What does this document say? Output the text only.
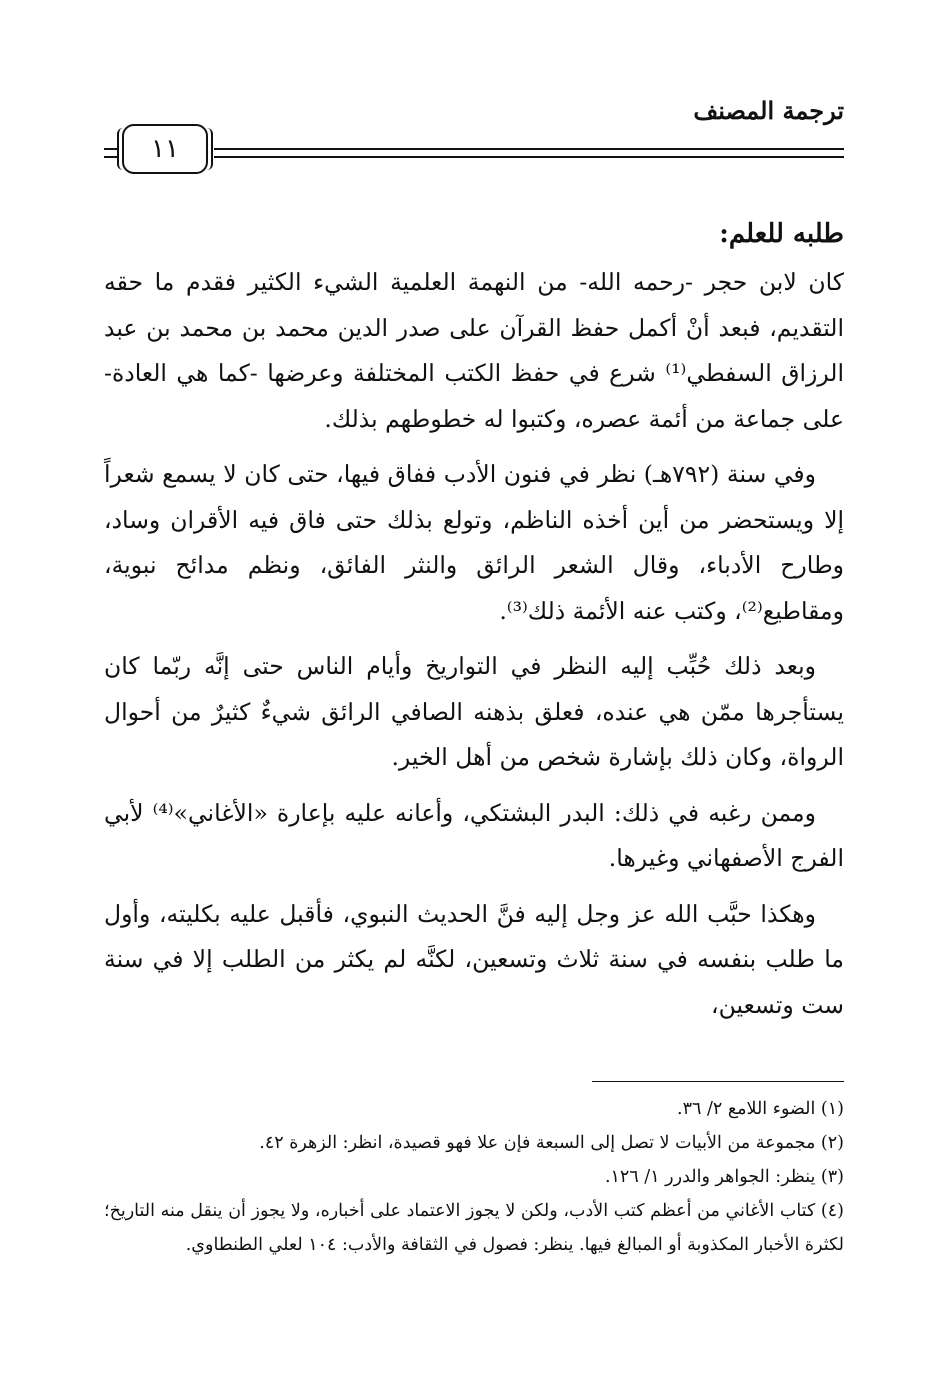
ترجمة المصنف
١١
طلبه للعلم:

كان لابن حجر -رحمه الله- من النهمة العلمية الشيء الكثير فقدم ما حقه التقديم، فبعد أنْ أكمل حفظ القرآن على صدر الدين محمد بن محمد بن عبد الرزاق السفطي⁽¹⁾ شرع في حفظ الكتب المختلفة وعرضها -كما هي العادة- على جماعة من أئمة عصره، وكتبوا له خطوطهم بذلك.

وفي سنة (٧٩٢هـ) نظر في فنون الأدب ففاق فيها، حتى كان لا يسمع شعراً إلا ويستحضر من أين أخذه الناظم، وتولع بذلك حتى فاق فيه الأقران وساد، وطارح الأدباء، وقال الشعر الرائق والنثر الفائق، ونظم مدائح نبوية، ومقاطيع⁽²⁾، وكتب عنه الأئمة ذلك⁽³⁾.

وبعد ذلك حُبِّب إليه النظر في التواريخ وأيام الناس حتى إنَّه ربّما كان يستأجرها ممّن هي عنده، فعلق بذهنه الصافي الرائق شيءٌ كثيرٌ من أحوال الرواة، وكان ذلك بإشارة شخص من أهل الخير.

وممن رغبه في ذلك: البدر البشتكي، وأعانه عليه بإعارة «الأغاني»⁽⁴⁾ لأبي الفرج الأصفهاني وغيرها.

وهكذا حبَّب الله عز وجل إليه فنَّ الحديث النبوي، فأقبل عليه بكليته، وأول ما طلب بنفسه في سنة ثلاث وتسعين، لكنَّه لم يكثر من الطلب إلا في سنة ست وتسعين،

(١) الضوء اللامع ٢/ ٣٦.

(٢) مجموعة من الأبيات لا تصل إلى السبعة فإن علا فهو قصيدة، انظر: الزهرة ٤٢.

(٣) ينظر: الجواهر والدرر ١/ ١٢٦.

(٤) كتاب الأغاني من أعظم كتب الأدب، ولكن لا يجوز الاعتماد على أخباره، ولا يجوز أن ينقل منه التاريخ؛ لكثرة الأخبار المكذوبة أو المبالغ فيها. ينظر: فصول في الثقافة والأدب: ١٠٤ لعلي الطنطاوي.
